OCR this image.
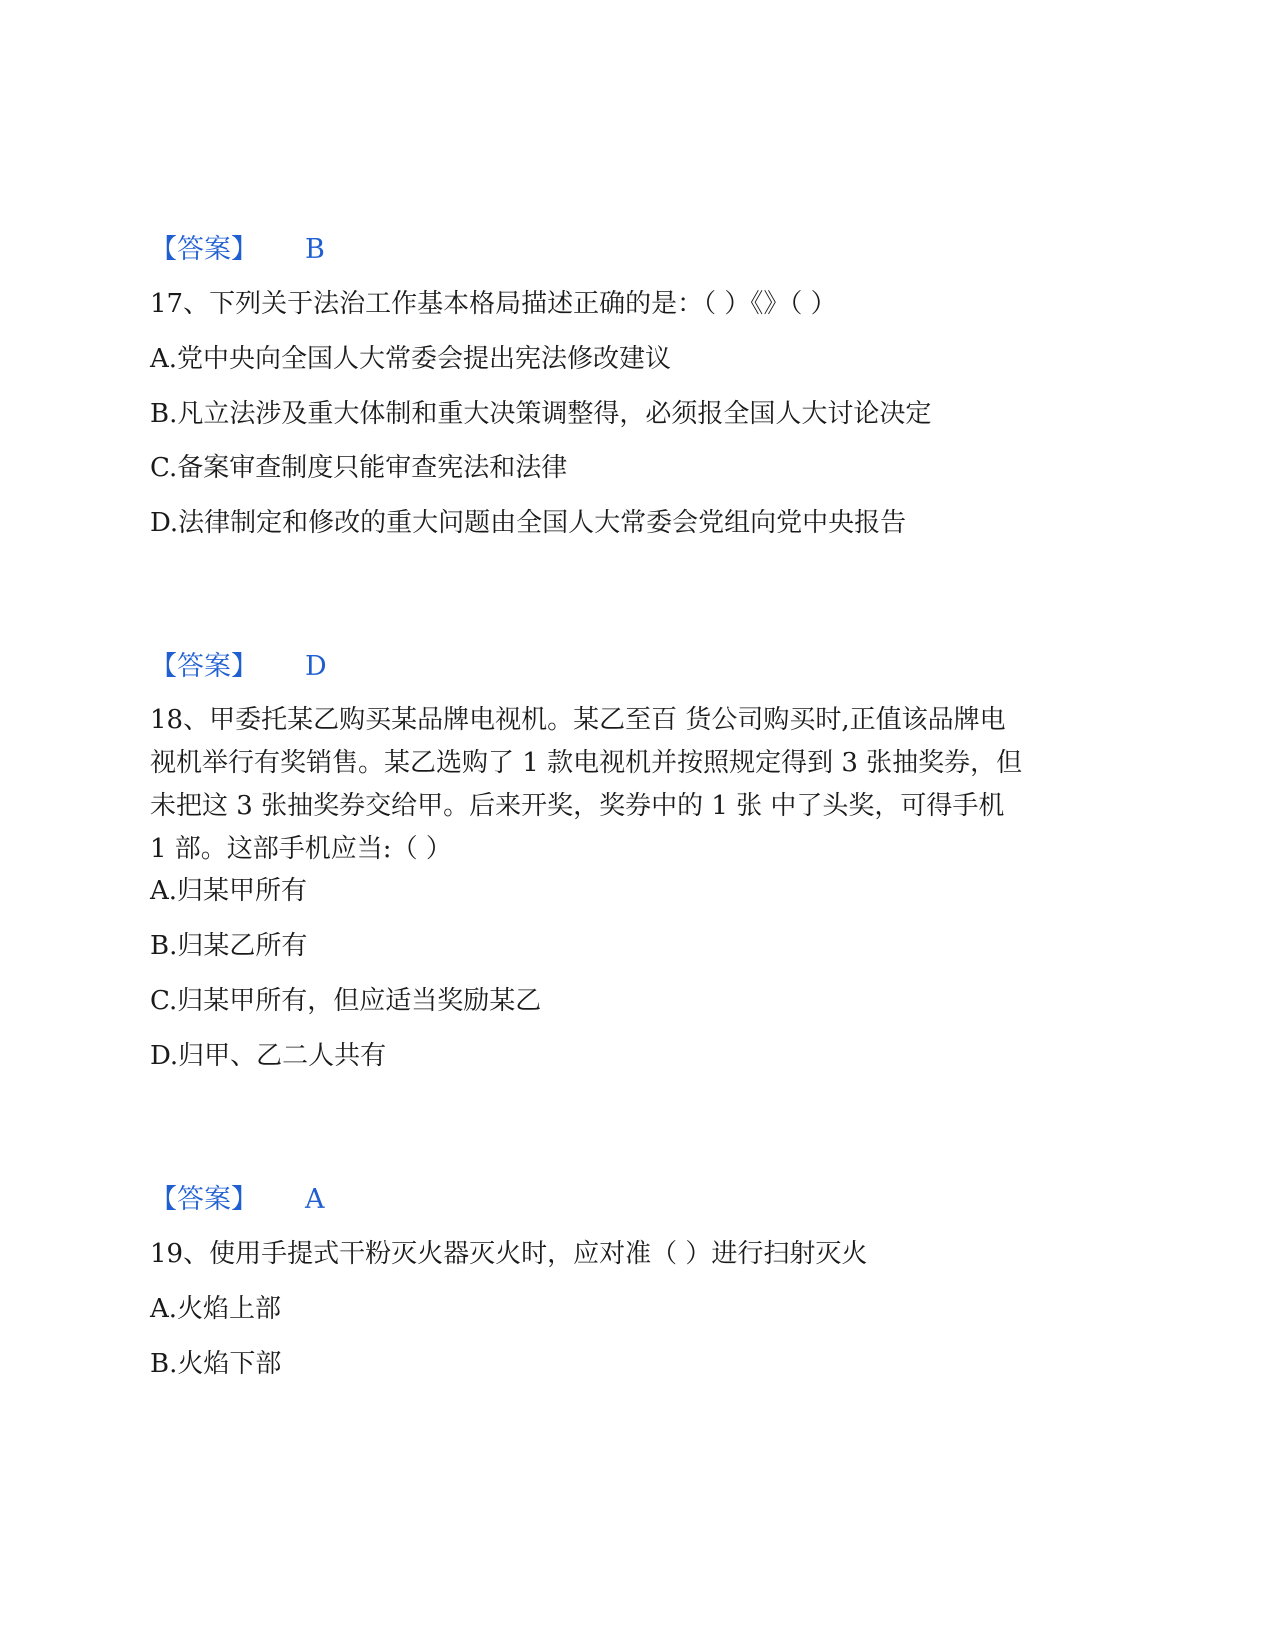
【答案】 B
17、下列关于法治工作基本格局描述正确的是：（ ）《》（ ）
A.党中央向全国人大常委会提出宪法修改建议
B.凡立法涉及重大体制和重大决策调整得，必须报全国人大讨论决定
C.备案审查制度只能审查宪法和法律
D.法律制定和修改的重大问题由全国人大常委会党组向党中央报告
【答案】 D
18、甲委托某乙购买某品牌电视机。某乙至百 货公司购买时,正值该品牌电
视机举行有奖销售。某乙选购了 1 款电视机并按照规定得到 3 张抽奖券，但
未把这 3 张抽奖券交给甲。后来开奖，奖券中的 1 张 中了头奖，可得手机
1 部。这部手机应当:（ ）
A.归某甲所有
B.归某乙所有
C.归某甲所有，但应适当奖励某乙
D.归甲、乙二人共有
【答案】 A
19、使用手提式干粉灭火器灭火时，应对准（ ）进行扫射灭火
A.火焰上部
B.火焰下部
